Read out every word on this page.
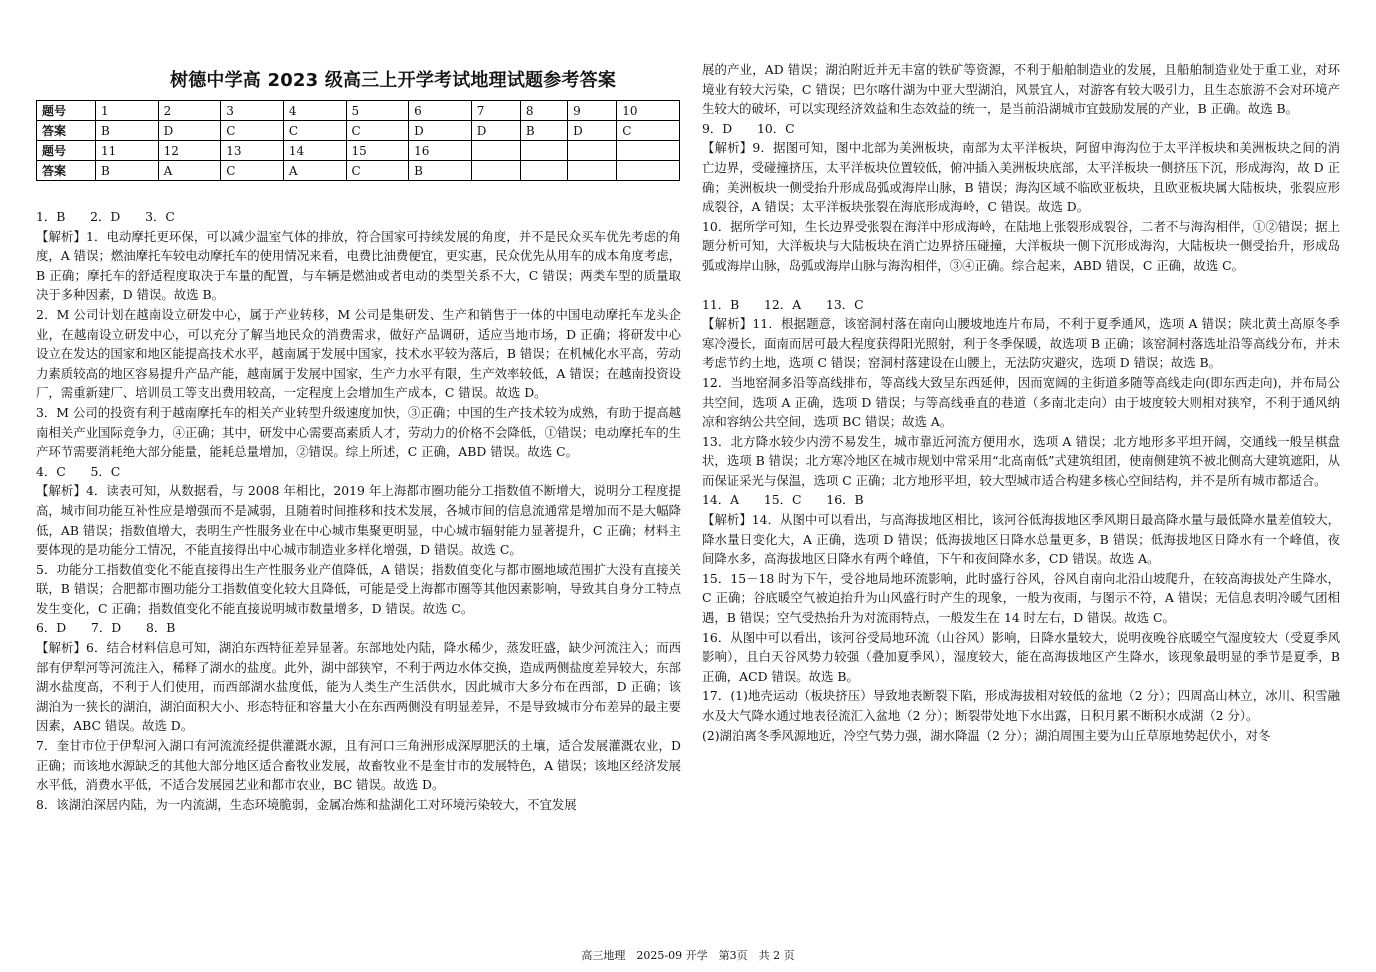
树德中学高 2023 级高三上开学考试地理试题参考答案
题号	1	2	3	4	5	6	7	8	9	10
答案	B	D	C	C	C	D	D	B	D	C
题号	11	12	13	14	15	16				
答案	B	A	C	A	C	B				

1．B　　2．D　　3．C

【解析】1．电动摩托更环保，可以减少温室气体的排放，符合国家可持续发展的角度，并不是民众买车优先考虑的角度，A 错误；燃油摩托车较电动摩托车的使用情况来看，电费比油费便宜，更实惠，民众优先从用车的成本角度考虑，B 正确；摩托车的舒适程度取决于车量的配置，与车辆是燃油或者电动的类型关系不大，C 错误；两类车型的质量取决于多种因素，D 错误。故选 B。

2．M 公司计划在越南设立研发中心，属于产业转移，M 公司是集研发、生产和销售于一体的中国电动摩托车龙头企业，在越南设立研发中心，可以充分了解当地民众的消费需求，做好产品调研，适应当地市场，D 正确；将研发中心设立在发达的国家和地区能提高技术水平，越南属于发展中国家，技术水平较为落后，B 错误；在机械化水平高，劳动力素质较高的地区容易提升产品产能，越南属于发展中国家，生产力水平有限，生产效率较低，A 错误；在越南投资设厂，需重新建厂、培训员工等支出费用较高，一定程度上会增加生产成本，C 错误。故选 D。

3．M 公司的投资有利于越南摩托车的相关产业转型升级速度加快，③正确；中国的生产技术较为成熟，有助于提高越南相关产业国际竞争力，④正确；其中，研发中心需要高素质人才，劳动力的价格不会降低，①错误；电动摩托车的生产环节需要消耗绝大部分能量，能耗总量增加，②错误。综上所述，C 正确，ABD 错误。故选 C。

4．C　　5．C

【解析】4．读表可知，从数据看，与 2008 年相比，2019 年上海都市圈功能分工指数值不断增大，说明分工程度提高，城市间功能互补性应是增强而不是减弱，且随着时间推移和技术发展，各城市间的信息流通常是增加而不是大幅降低，AB 错误；指数值增大，表明生产性服务业在中心城市集聚更明显，中心城市辐射能力显著提升，C 正确；材料主要体现的是功能分工情况，不能直接得出中心城市制造业多样化增强，D 错误。故选 C。

5．功能分工指数值变化不能直接得出生产性服务业产值降低，A 错误；指数值变化与都市圈地域范围扩大没有直接关联，B 错误；合肥都市圈功能分工指数值变化较大且降低，可能是受上海都市圈等其他因素影响，导致其自身分工特点发生变化，C 正确；指数值变化不能直接说明城市数量增多，D 错误。故选 C。

6．D　　7．D　　8．B

【解析】6．结合材料信息可知，湖泊东西特征差异显著。东部地处内陆，降水稀少，蒸发旺盛，缺少河流注入；而西部有伊犁河等河流注入，稀释了湖水的盐度。此外，湖中部狭窄，不利于两边水体交换，造成两侧盐度差异较大，东部湖水盐度高，不利于人们使用，而西部湖水盐度低，能为人类生产生活供水，因此城市大多分布在西部，D 正确；该湖泊为一狭长的湖泊，湖泊面积大小、形态特征和容量大小在东西两侧没有明显差异，不是导致城市分布差异的最主要因素，ABC 错误。故选 D。

7．奎甘市位于伊犁河入湖口有河流流经提供灌溉水源，且有河口三角洲形成深厚肥沃的土壤，适合发展灌溉农业，D 正确；而该地水源缺乏的其他大部分地区适合畜牧业发展，故畜牧业不是奎甘市的发展特色，A 错误；该地区经济发展水平低，消费水平低，不适合发展园艺业和都市农业，BC 错误。故选 D。

8．该湖泊深居内陆，为一内流湖，生态环境脆弱，金属冶炼和盐湖化工对环境污染较大，不宜发展

展的产业，AD 错误；湖泊附近并无丰富的铁矿等资源，不利于船舶制造业的发展，且船舶制造业处于重工业，对环境业有较大污染，C 错误；巴尔喀什湖为中亚大型湖泊，风景宜人，对游客有较大吸引力，且生态旅游不会对环境产生较大的破坏，可以实现经济效益和生态效益的统一，是当前沿湖城市宜鼓励发展的产业，B 正确。故选 B。

9．D　　10．C

【解析】9．据图可知，图中北部为美洲板块，南部为太平洋板块，阿留申海沟位于太平洋板块和美洲板块之间的消亡边界，受碰撞挤压，太平洋板块位置较低，俯冲插入美洲板块底部，太平洋板块一侧挤压下沉，形成海沟，故 D 正确；美洲板块一侧受抬升形成岛弧或海岸山脉，B 错误；海沟区域不临欧亚板块，且欧亚板块属大陆板块，张裂应形成裂谷，A 错误；太平洋板块张裂在海底形成海岭，C 错误。故选 D。

10．据所学可知，生长边界受张裂在海洋中形成海岭，在陆地上张裂形成裂谷，二者不与海沟相伴，①②错误；据上题分析可知，大洋板块与大陆板块在消亡边界挤压碰撞，大洋板块一侧下沉形成海沟，大陆板块一侧受抬升，形成岛弧或海岸山脉，岛弧或海岸山脉与海沟相伴，③④正确。综合起来，ABD 错误，C 正确，故选 C。

11．B　　12．A　　13．C

【解析】11．根据题意，该窑洞村落在南向山腰坡地连片布局，不利于夏季通风，选项 A 错误；陕北黄土高原冬季寒冷漫长，面南而居可最大程度获得阳光照射，利于冬季保暖，故选项 B 正确；该窑洞村落选址沿等高线分布，并未考虑节约土地，选项 C 错误；窑洞村落建设在山腰上，无法防灾避灾，选项 D 错误；故选 B。

12．当地窑洞多沿等高线排布，等高线大致呈东西延伸，因而宽阔的主街道多随等高线走向(即东西走向)，并布局公共空间，选项 A 正确，选项 D 错误；与等高线垂直的巷道（多南北走向）由于坡度较大则相对狭窄，不利于通风纳凉和容纳公共空间，选项 BC 错误；故选 A。

13．北方降水较少内涝不易发生，城市靠近河流方便用水，选项 A 错误；北方地形多平坦开阔，交通线一般呈棋盘状，选项 B 错误；北方寒冷地区在城市规划中常采用“北高南低”式建筑组团，使南侧建筑不被北侧高大建筑遮阳，从而保证采光与保温，选项 C 正确；北方地形平坦，较大型城市适合构建多核心空间结构，并不是所有城市都适合。

14．A　　15．C　　16．B

【解析】14．从图中可以看出，与高海拔地区相比，该河谷低海拔地区季风期日最高降水量与最低降水量差值较大，降水量日变化大，A 正确，选项 D 错误；低海拔地区日降水总量更多，B 错误；低海拔地区日降水有一个峰值，夜间降水多，高海拔地区日降水有两个峰值，下午和夜间降水多，CD 错误。故选 A。

15．15－18 时为下午，受谷地局地环流影响，此时盛行谷风，谷风自南向北沿山坡爬升，在较高海拔处产生降水，C 正确；谷底暖空气被迫抬升为山风盛行时产生的现象，一般为夜雨，与图示不符，A 错误；无信息表明冷暖气团相遇，B 错误；空气受热抬升为对流雨特点，一般发生在 14 时左右，D 错误。故选 C。

16．从图中可以看出，该河谷受局地环流（山谷风）影响，日降水量较大，说明夜晚谷底暖空气湿度较大（受夏季风影响），且白天谷风势力较强（叠加夏季风），湿度较大，能在高海拔地区产生降水，该现象最明显的季节是夏季，B 正确，ACD 错误。故选 B。

17．(1)地壳运动（板块挤压）导致地表断裂下陷，形成海拔相对较低的盆地（2 分）；四周高山林立，冰川、积雪融水及大气降水通过地表径流汇入盆地（2 分）；断裂带处地下水出露，日积月累不断积水成湖（2 分）。

(2)湖泊离冬季风源地近，冷空气势力强，湖水降温（2 分）；湖泊周围主要为山丘草原地势起伏小，对冬

高三地理　2025-09 开学　第3页　共 2 页
